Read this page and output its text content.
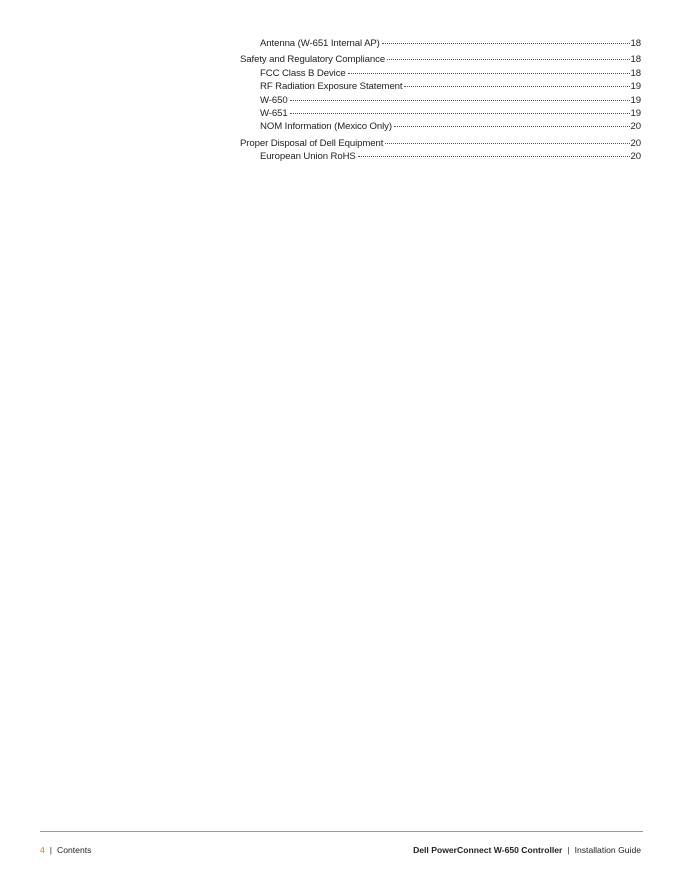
Antenna (W-651 Internal AP)	18
Safety and Regulatory Compliance	18
FCC Class B Device	18
RF Radiation Exposure Statement	19
W-650	19
W-651	19
NOM Information (Mexico Only)	20
Proper Disposal of Dell Equipment	20
European Union RoHS	20
4 | Contents	Dell PowerConnect W-650 Controller | Installation Guide
